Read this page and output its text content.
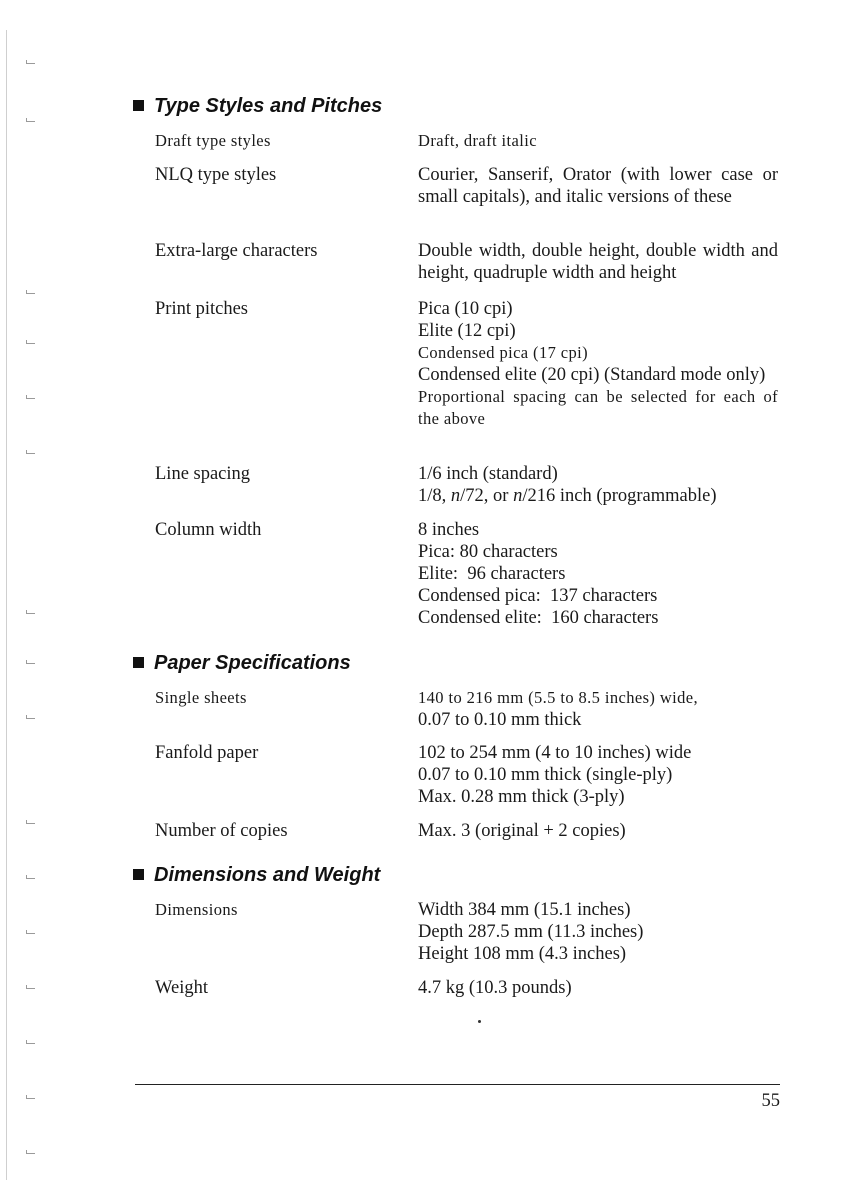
Type Styles and Pitches
Draft type styles	Draft, draft italic
NLQ type styles	Courier, Sanserif, Orator (with lower case or small capitals), and italic versions of these
Extra-large characters	Double width, double height, double width and height, quadruple width and height
Print pitches	Pica (10 cpi)
Elite (12 cpi)
Condensed pica (17 cpi)
Condensed elite (20 cpi) (Standard mode only)
Proportional spacing can be selected for each of the above
Line spacing	1/6 inch (standard)
1/8, n/72, or n/216 inch (programmable)
Column width	8 inches
Pica: 80 characters
Elite:  96 characters
Condensed pica:  137 characters
Condensed elite:  160 characters
Paper Specifications
Single sheets	140 to 216 mm (5.5 to 8.5 inches) wide,
0.07 to 0.10 mm thick
Fanfold paper	102 to 254 mm (4 to 10 inches) wide
0.07 to 0.10 mm thick (single-ply)
Max. 0.28 mm thick (3-ply)
Number of copies	Max. 3 (original + 2 copies)
Dimensions and Weight
Dimensions	Width 384 mm (15.1 inches)
Depth 287.5 mm (11.3 inches)
Height 108 mm (4.3 inches)
Weight	4.7 kg (10.3 pounds)
55
